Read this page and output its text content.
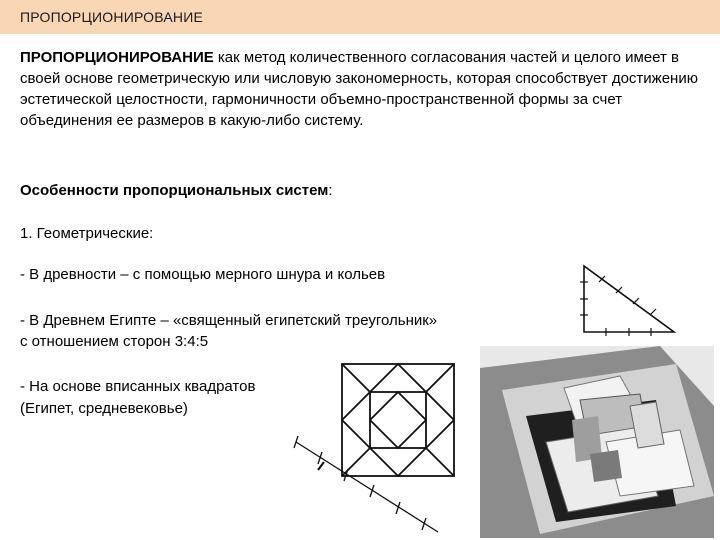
ПРОПОРЦИОНИРОВАНИЕ

ПРОПОРЦИОНИРОВАНИЕ как метод количественного согласования частей и целого имеет в своей основе геометрическую или числовую закономерность, которая способствует достижению эстетической целостности, гармоничности объемно-пространственной формы за счет объединения ее размеров в какую-либо систему.

Особенности пропорциональных систем:
1. Геометрические:
- В древности – с помощью мерного шнура и кольев
- В Древнем Египте – «священный египетский треугольник»
с отношением сторон 3:4:5
- На основе вписанных квадратов
(Египет, средневековье)
